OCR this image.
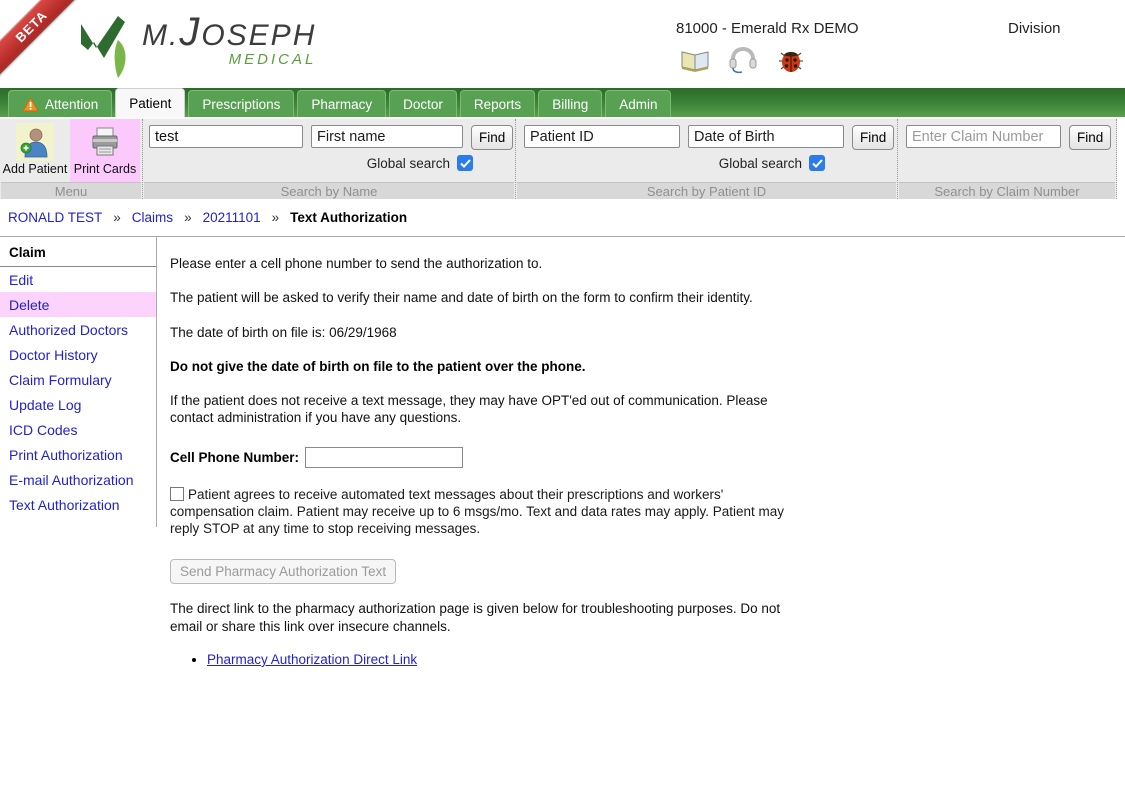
BETA	M.JOSEPH
MEDICAL
81000 - Emerald Rx DEMO	Division
Attention Patient Prescriptions Pharmacy Doctor Reports Billing Admin
Add Patient Print Cards
Menu
test
First name
Find
Global search
Search by Name
Patient ID
Date of Birth
Find
Global search
Search by Patient ID
Enter Claim Number
Find
Search by Claim Number
RONALD TEST » Claims » 20211101 » Text Authorization
Claim
Edit
Delete
Authorized Doctors
Doctor History
Claim Formulary
Update Log
ICD Codes
Print Authorization
E-mail Authorization
Text Authorization

Please enter a cell phone number to send the authorization to.

The patient will be asked to verify their name and date of birth on the form to confirm their identity.

The date of birth on file is: 06/29/1968

Do not give the date of birth on file to the patient over the phone.

If the patient does not receive a text message, they may have OPT'ed out of communication. Please contact administration if you have any questions.

Cell Phone Number:
Patient agrees to receive automated text messages about their prescriptions and workers' compensation claim. Patient may receive up to 6 msgs/mo. Text and data rates may apply. Patient may reply STOP at any time to stop receiving messages.
Send Pharmacy Authorization Text

The direct link to the pharmacy authorization page is given below for troubleshooting purposes. Do not email or share this link over insecure channels.

• Pharmacy Authorization Direct Link
